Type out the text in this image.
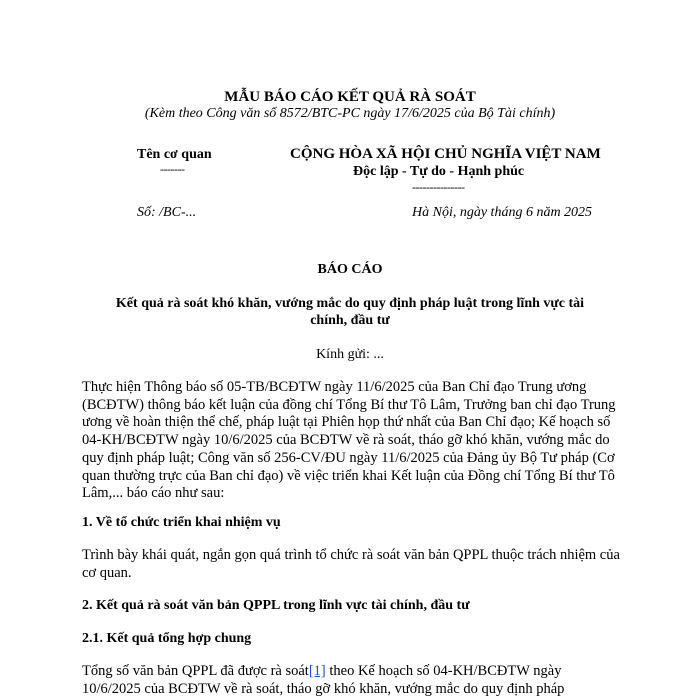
MẪU BÁO CÁO KẾT QUẢ RÀ SOÁT
(Kèm theo Công văn số 8572/BTC-PC ngày 17/6/2025 của Bộ Tài chính)
Tên cơ quan
-------
CỘNG HÒA XÃ HỘI CHỦ NGHĨA VIỆT NAM
Độc lập - Tự do - Hạnh phúc
---------------
Số: /BC-...	Hà Nội, ngày tháng 6 năm 2025
BÁO CÁO
Kết quả rà soát khó khăn, vướng mắc do quy định pháp luật trong lĩnh vực tài
chính, đầu tư
Kính gửi: ...
Thực hiện Thông báo số 05-TB/BCĐTW ngày 11/6/2025 của Ban Chỉ đạo Trung ương (BCĐTW) thông báo kết luận của đồng chí Tổng Bí thư Tô Lâm, Trưởng ban chỉ đạo Trung ương về hoàn thiện thể chế, pháp luật tại Phiên họp thứ nhất của Ban Chỉ đạo; Kế hoạch số 04-KH/BCĐTW ngày 10/6/2025 của BCĐTW về rà soát, tháo gỡ khó khăn, vướng mắc do quy định pháp luật; Công văn số 256-CV/ĐU ngày 11/6/2025 của Đảng ủy Bộ Tư pháp (Cơ quan thường trực của Ban chỉ đạo) về việc triển khai Kết luận của Đồng chí Tổng Bí thư Tô Lâm,... báo cáo như sau:
1. Về tổ chức triển khai nhiệm vụ
Trình bày khái quát, ngắn gọn quá trình tổ chức rà soát văn bản QPPL thuộc trách nhiệm của cơ quan.
2. Kết quả rà soát văn bản QPPL trong lĩnh vực tài chính, đầu tư
2.1. Kết quả tổng hợp chung
Tổng số văn bản QPPL đã được rà soát[1] theo Kế hoạch số 04-KH/BCĐTW ngày 10/6/2025 của BCĐTW về rà soát, tháo gỡ khó khăn, vướng mắc do quy định pháp
